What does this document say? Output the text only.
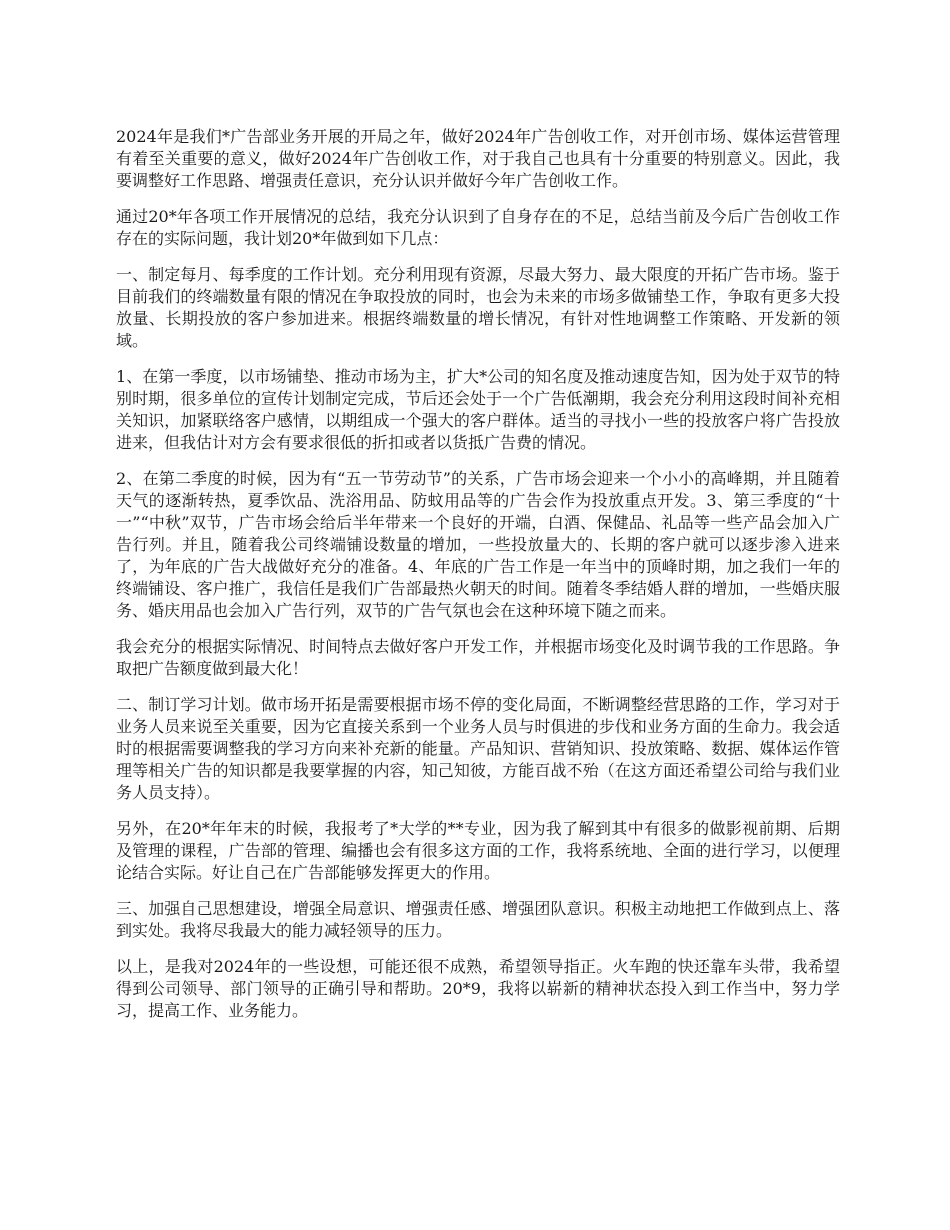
2024年是我们*广告部业务开展的开局之年，做好2024年广告创收工作，对开创市场、媒体运营管理有着至关重要的意义，做好2024年广告创收工作，对于我自己也具有十分重要的特别意义。因此，我要调整好工作思路、增强责任意识，充分认识并做好今年广告创收工作。

通过20*年各项工作开展情况的总结，我充分认识到了自身存在的不足，总结当前及今后广告创收工作存在的实际问题，我计划20*年做到如下几点：

一、制定每月、每季度的工作计划。充分利用现有资源，尽最大努力、最大限度的开拓广告市场。鉴于目前我们的终端数量有限的情况在争取投放的同时，也会为未来的市场多做铺垫工作，争取有更多大投放量、长期投放的客户参加进来。根据终端数量的增长情况，有针对性地调整工作策略、开发新的领域。

1、在第一季度，以市场铺垫、推动市场为主，扩大*公司的知名度及推动速度告知，因为处于双节的特别时期，很多单位的宣传计划制定完成，节后还会处于一个广告低潮期，我会充分利用这段时间补充相关知识，加紧联络客户感情，以期组成一个强大的客户群体。适当的寻找小一些的投放客户将广告投放进来，但我估计对方会有要求很低的折扣或者以货抵广告费的情况。

2、在第二季度的时候，因为有“五一节劳动节”的关系，广告市场会迎来一个小小的高峰期，并且随着天气的逐渐转热，夏季饮品、洗浴用品、防蚊用品等的广告会作为投放重点开发。3、第三季度的“十一”“中秋”双节，广告市场会给后半年带来一个良好的开端，白酒、保健品、礼品等一些产品会加入广告行列。并且，随着我公司终端铺设数量的增加，一些投放量大的、长期的客户就可以逐步渗入进来了，为年底的广告大战做好充分的准备。4、年底的广告工作是一年当中的顶峰时期，加之我们一年的终端铺设、客户推广，我信任是我们广告部最热火朝天的时间。随着冬季结婚人群的增加，一些婚庆服务、婚庆用品也会加入广告行列，双节的广告气氛也会在这种环境下随之而来。

我会充分的根据实际情况、时间特点去做好客户开发工作，并根据市场变化及时调节我的工作思路。争取把广告额度做到最大化！

二、制订学习计划。做市场开拓是需要根据市场不停的变化局面，不断调整经营思路的工作，学习对于业务人员来说至关重要，因为它直接关系到一个业务人员与时俱进的步伐和业务方面的生命力。我会适时的根据需要调整我的学习方向来补充新的能量。产品知识、营销知识、投放策略、数据、媒体运作管理等相关广告的知识都是我要掌握的内容，知己知彼，方能百战不殆（在这方面还希望公司给与我们业务人员支持）。

另外，在20*年年末的时候，我报考了*大学的**专业，因为我了解到其中有很多的做影视前期、后期及管理的课程，广告部的管理、编播也会有很多这方面的工作，我将系统地、全面的进行学习，以便理论结合实际。好让自己在广告部能够发挥更大的作用。

三、加强自己思想建设，增强全局意识、增强责任感、增强团队意识。积极主动地把工作做到点上、落到实处。我将尽我最大的能力减轻领导的压力。

以上，是我对2024年的一些设想，可能还很不成熟，希望领导指正。火车跑的快还靠车头带，我希望得到公司领导、部门领导的正确引导和帮助。20*9，我将以崭新的精神状态投入到工作当中，努力学习，提高工作、业务能力。
